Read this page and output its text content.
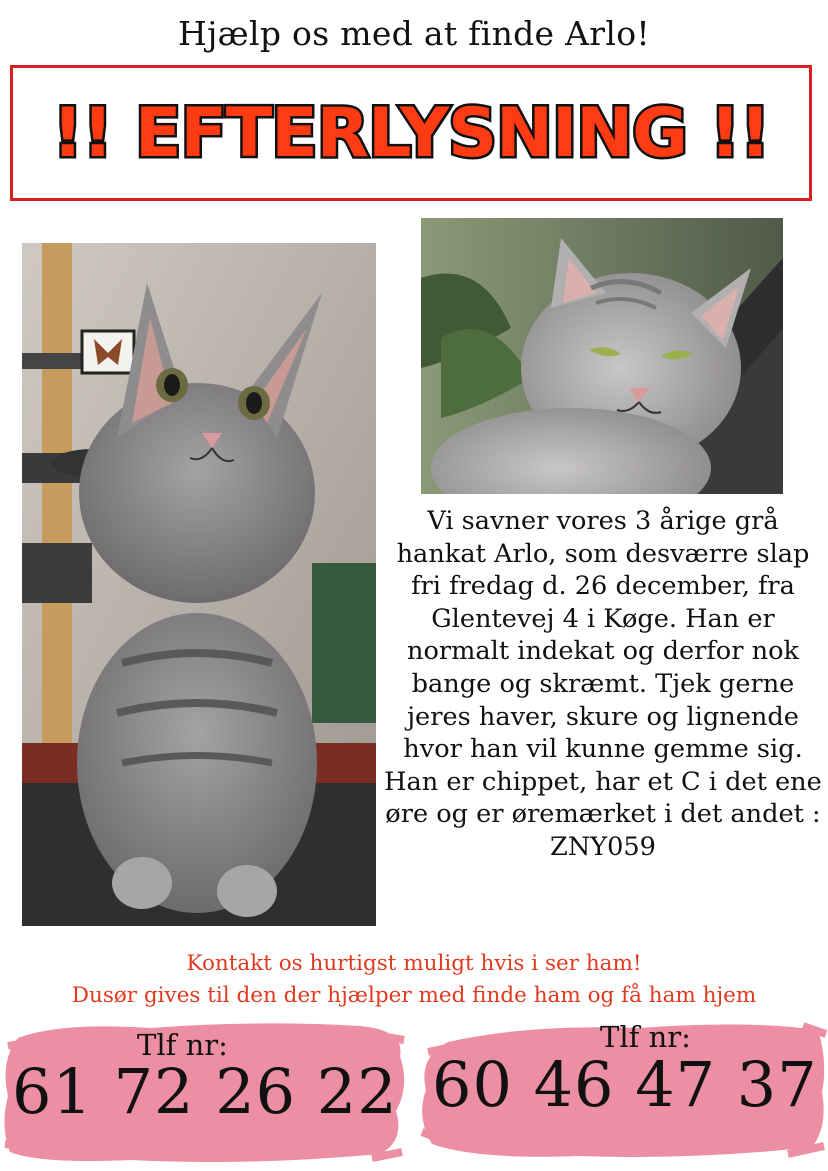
Hjælp os med at finde Arlo!
!! EFTERLYSNING !!
Vi savner vores 3 årige grå hankat Arlo, som desværre slap fri fredag d. 26 december, fra Glentevej 4 i Køge. Han er normalt indekat og derfor nok bange og skræmt. Tjek gerne jeres haver, skure og lignende hvor han vil kunne gemme sig. Han er chippet, har et C i det ene øre og er øremærket i det andet : ZNY059
Kontakt os hurtigst muligt hvis i ser ham!
Dusør gives til den der hjælper med finde ham og få ham hjem
Tlf nr:
61 72 26 22
Tlf nr:
60 46 47 37
